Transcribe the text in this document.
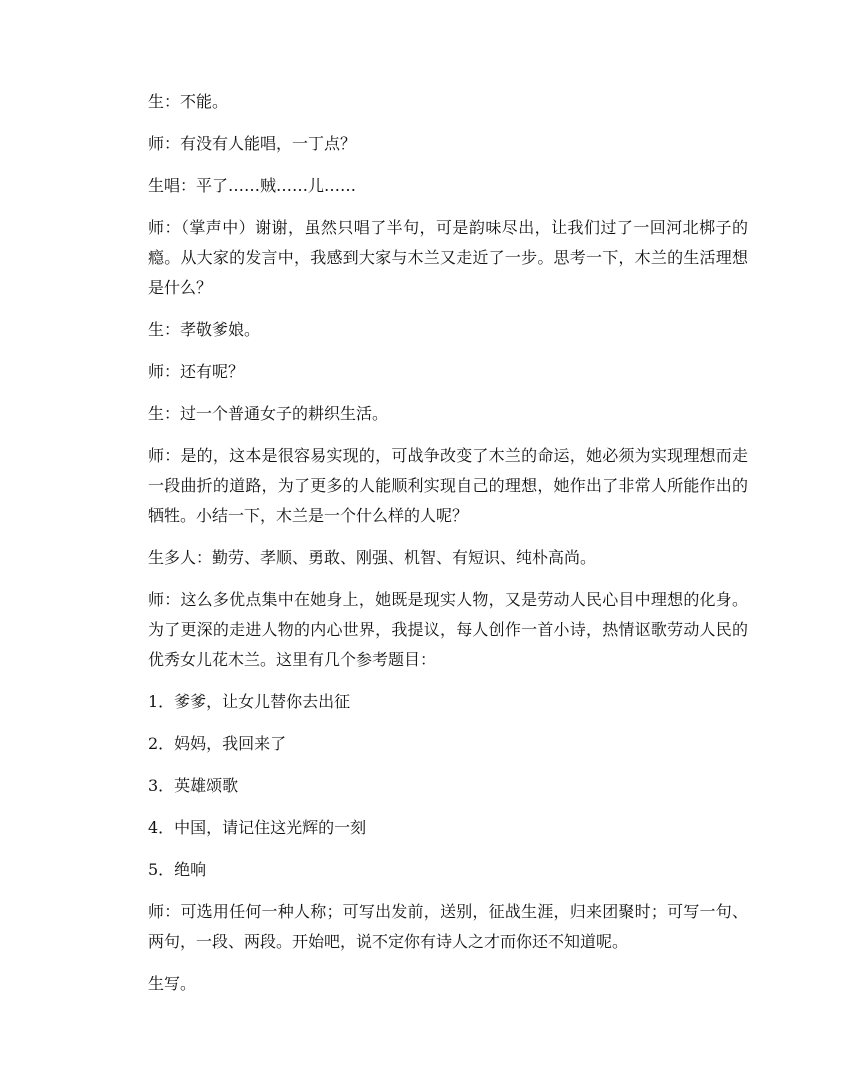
生：不能。

师：有没有人能唱，一丁点？

生唱：平了……贼……儿……

师：（掌声中）谢谢，虽然只唱了半句，可是韵味尽出，让我们过了一回河北梆子的瘾。从大家的发言中，我感到大家与木兰又走近了一步。思考一下，木兰的生活理想是什么？

生：孝敬爹娘。

师：还有呢？

生：过一个普通女子的耕织生活。

师：是的，这本是很容易实现的，可战争改变了木兰的命运，她必须为实现理想而走一段曲折的道路，为了更多的人能顺利实现自己的理想，她作出了非常人所能作出的牺牲。小结一下，木兰是一个什么样的人呢？

生多人：勤劳、孝顺、勇敢、刚强、机智、有短识、纯朴高尚。

师：这么多优点集中在她身上，她既是现实人物，又是劳动人民心目中理想的化身。为了更深的走进人物的内心世界，我提议，每人创作一首小诗，热情讴歌劳动人民的优秀女儿花木兰。这里有几个参考题目：

1．爹爹，让女儿替你去出征

2．妈妈，我回来了

3．英雄颂歌

4．中国，请记住这光辉的一刻

5．绝响

师：可选用任何一种人称；可写出发前，送别，征战生涯，归来团聚时；可写一句、两句，一段、两段。开始吧，说不定你有诗人之才而你还不知道呢。

生写。
